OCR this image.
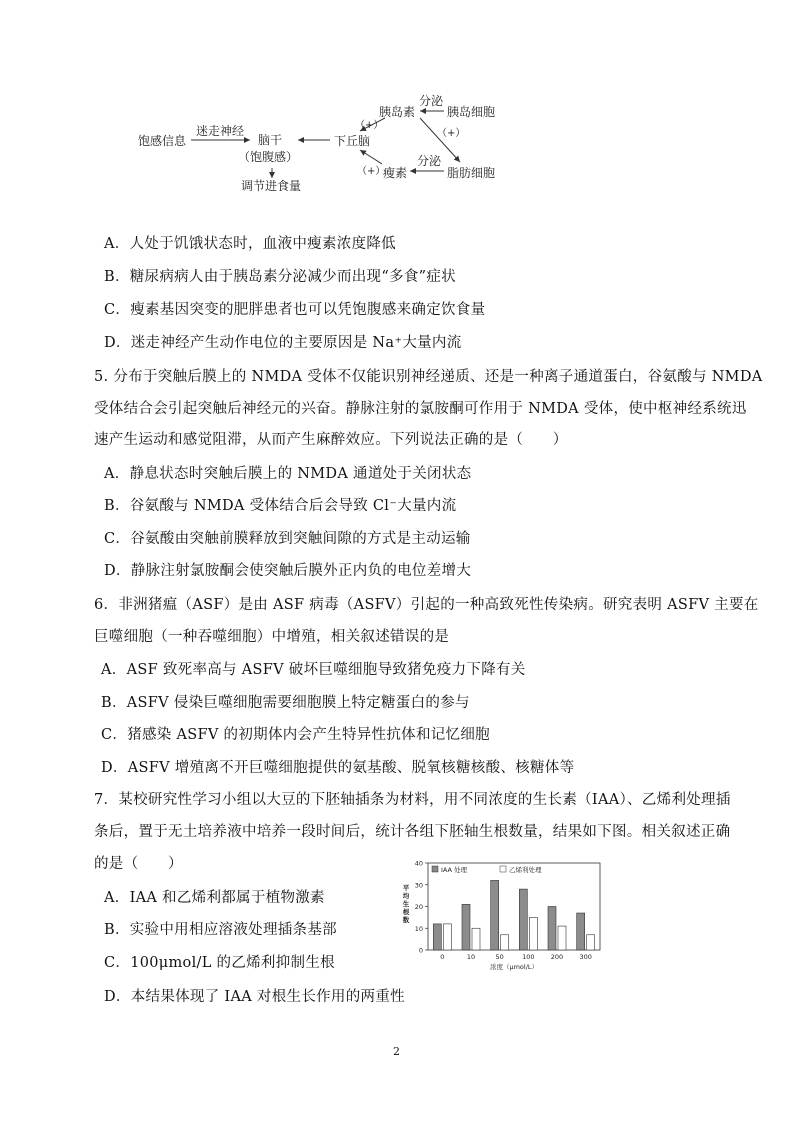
饱感信息
迷走神经
脑干
（饱腹感）
调节进食量
下丘脑
胰岛素
分泌
胰岛细胞
（+）
（+）
（+）
分泌
瘦素	脂肪细胞
A．人处于饥饿状态时，血液中瘦素浓度降低
B．糖尿病病人由于胰岛素分泌减少而出现“多食”症状
C．瘦素基因突变的肥胖患者也可以凭饱腹感来确定饮食量
D．迷走神经产生动作电位的主要原因是 Na⁺大量内流
5. 分布于突触后膜上的 NMDA 受体不仅能识别神经递质、还是一种离子通道蛋白，谷氨酸与 NMDA
受体结合会引起突触后神经元的兴奋。静脉注射的氯胺酮可作用于 NMDA 受体，使中枢神经系统迅
速产生运动和感觉阻滞，从而产生麻醉效应。下列说法正确的是（　　）
A．静息状态时突触后膜上的 NMDA 通道处于关闭状态
B．谷氨酸与 NMDA 受体结合后会导致 Cl⁻大量内流
C．谷氨酸由突触前膜释放到突触间隙的方式是主动运输
D．静脉注射氯胺酮会使突触后膜外正内负的电位差增大
6．非洲猪瘟（ASF）是由 ASF 病毒（ASFV）引起的一种高致死性传染病。研究表明 ASFV 主要在
巨噬细胞（一种吞噬细胞）中增殖，相关叙述错误的是
A．ASF 致死率高与 ASFV 破坏巨噬细胞导致猪免疫力下降有关
B．ASFV 侵染巨噬细胞需要细胞膜上特定糖蛋白的参与
C．猪感染 ASFV 的初期体内会产生特异性抗体和记忆细胞
D．ASFV 增殖离不开巨噬细胞提供的氨基酸、脱氧核糖核酸、核糖体等
7．某校研究性学习小组以大豆的下胚轴插条为材料，用不同浓度的生长素（IAA）、乙烯利处理插
条后，置于无土培养液中培养一段时间后，统计各组下胚轴生根数量，结果如下图。相关叙述正确
的是（　　）
A．IAA 和乙烯利都属于植物激素
B．实验中用相应溶液处理插条基部
C．100μmol/L 的乙烯利抑制生根
D．本结果体现了 IAA 对根生长作用的两重性
0
10
20
30
40
平
均
生
根
数
IAA 处理	乙烯利处理
0	10	50	100 200 300
浓度（μmol/L）
2
